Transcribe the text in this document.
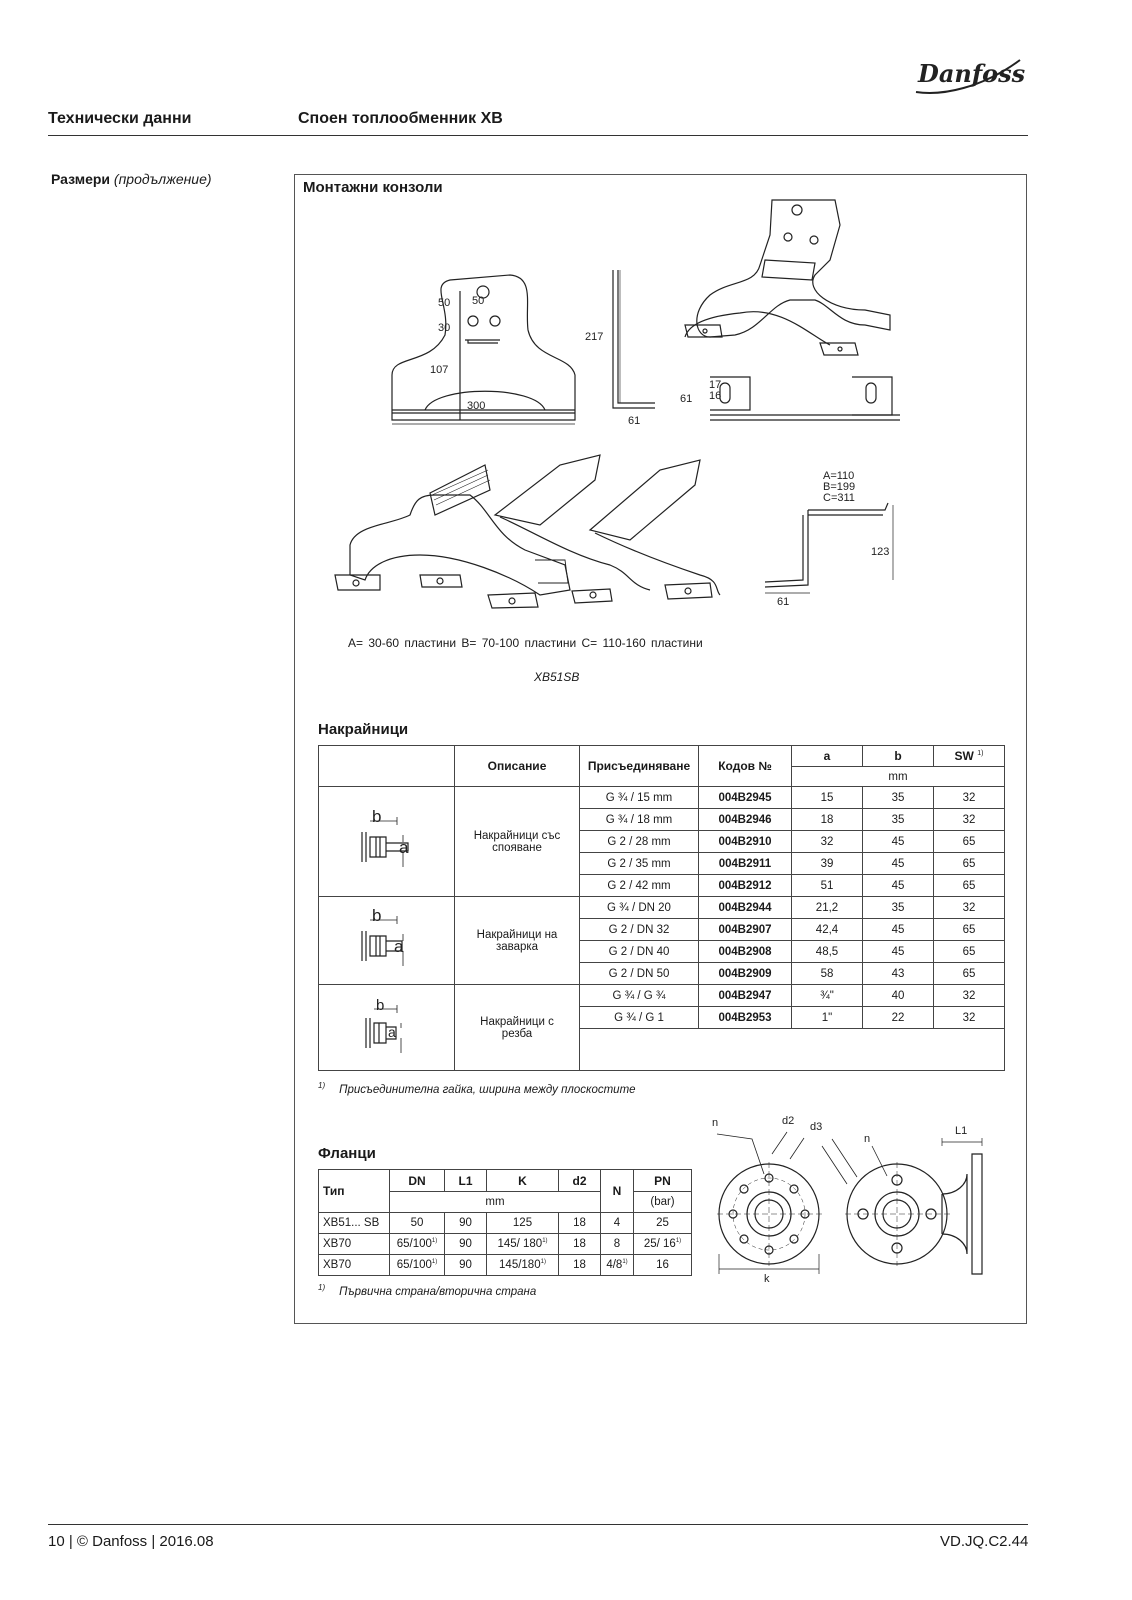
Danfoss
Технически данни	Споен топлообменник XB
Размери (продължение)	Монтажни конзоли
50 50
30
107
300
217
61
61
17
16
A=110
B=199
C=311
123
61
A= 30-60 пластини B= 70-100 пластини C= 110-160 пластини
XB51SB
Накрайници
	Описание	Присъединяване	Кодов №	a	b	SW $^{1)}$
				mm		

b
a	Накрайници със спояване	G ¾ / 15 mm	004B2945	15	35	32
		G ¾ / 18 mm	004B2946	18	35	32
		G 2 / 28 mm	004B2910	32	45	65
		G 2 / 35 mm	004B2911	39	45	65
		G 2 / 42 mm	004B2912	51	45	65

b
a	Накрайници на заварка	G ¾ / DN 20	004B2944	21,2	35	32
		G 2 / DN 32	004B2907	42,4	45	65
		G 2 / DN 40	004B2908	48,5	45	65
		G 2 / DN 50	004B2909	58	43	65

b
a	Накрайници с резба	G ¾ / G ¾	004B2947	¾"	40	32
		G ¾ / G 1	004B2953	1"	22	32

$^{1)}$ Присъединителна гайка, ширина между плоскостите
Фланци
Тип	DN	L1	K	d2	N	PN
	mm					(bar)
XB51... SB	50	90	125	18	4	25
XB70	65/100$^{1)}$	90	145/ 180$^{1)}$	18	8	25/ 16$^{1)}$
XB70	65/100$^{1)}$	90	145/180$^{1)}$	18	4/8$^{1)}$	16
n	d2 d3
n
L1
k
$^{1)}$ Първична страна/вторична страна
10 | © Danfoss | 2016.08	VD.JQ.C2.44
